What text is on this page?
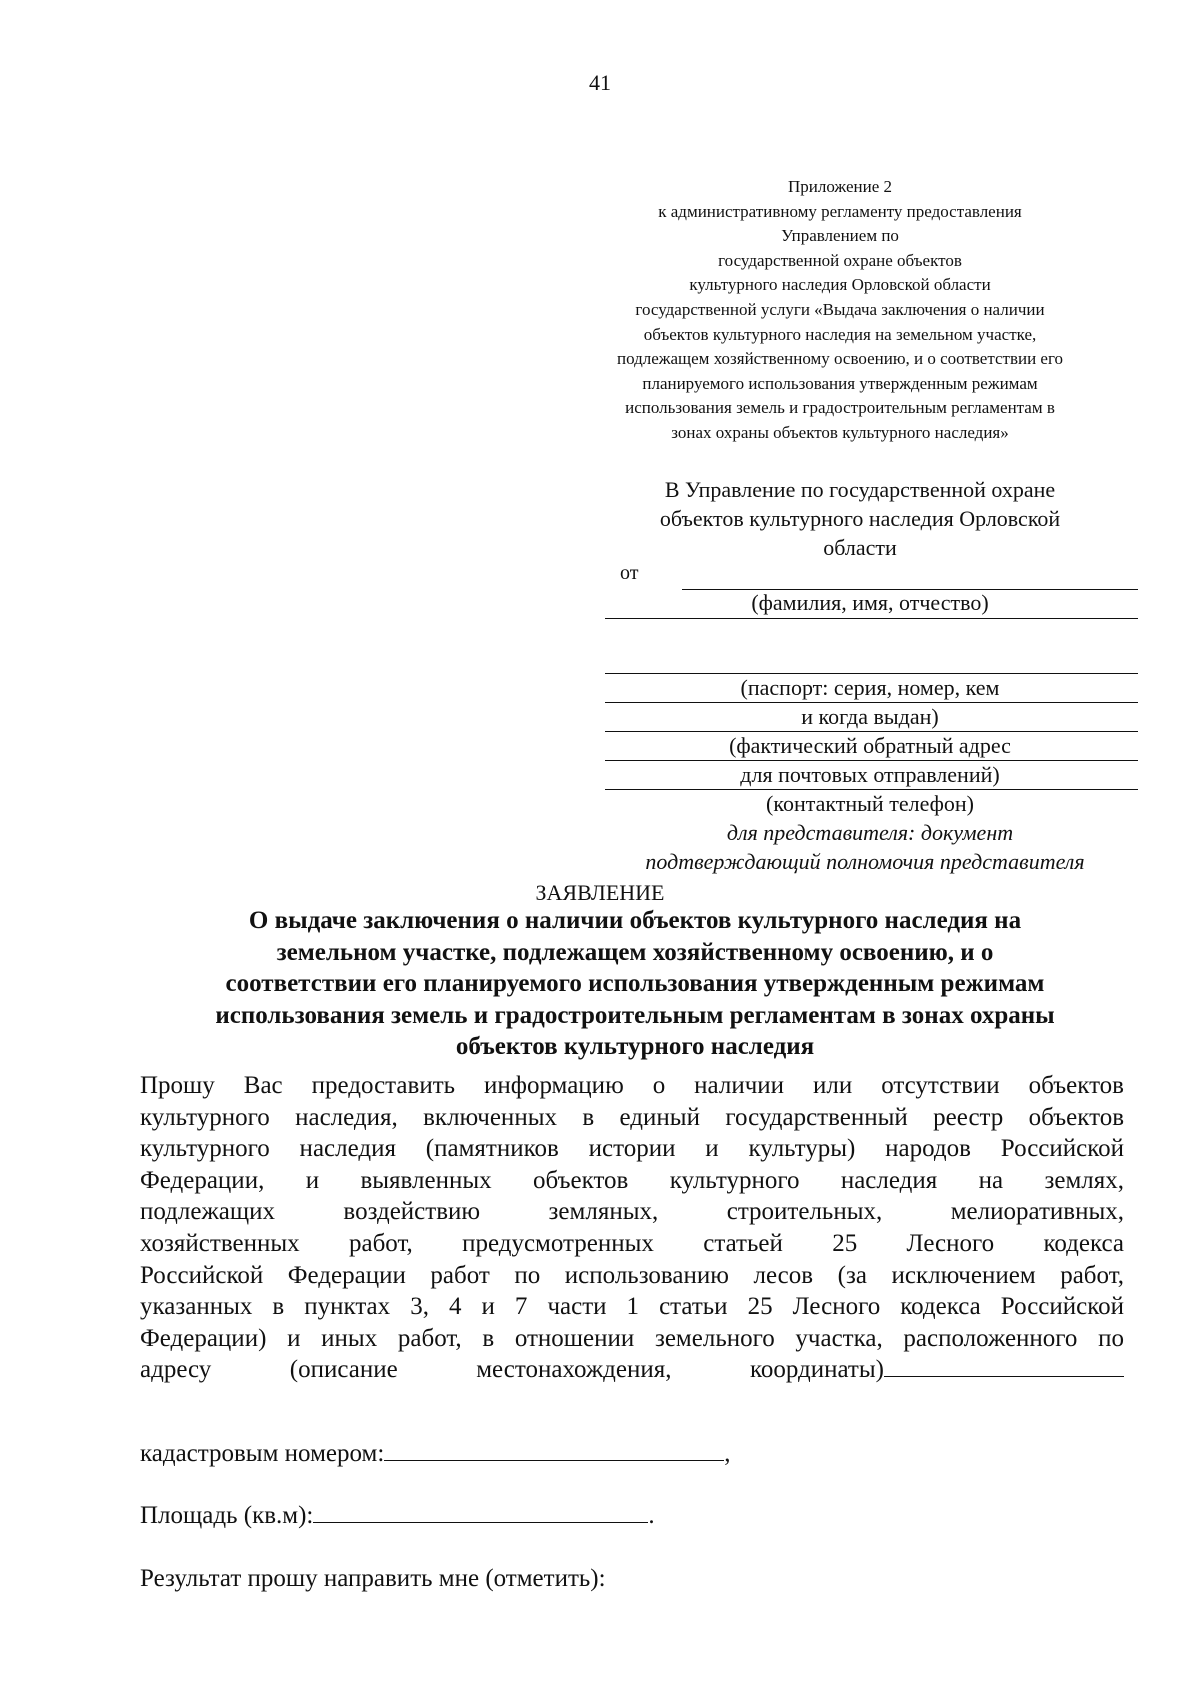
41
Приложение 2
к административному регламенту предоставления
Управлением по
государственной охране объектов
культурного наследия Орловской области
государственной услуги «Выдача заключения о наличии
объектов культурного наследия на земельном участке,
подлежащем хозяйственному освоению, и о соответствии его
планируемого использования утвержденным режимам
использования земель и градостроительным регламентам в
зонах охраны объектов культурного наследия»
В Управление по государственной охране
объектов культурного наследия Орловской
области
от
(фамилия, имя, отчество)
(паспорт: серия, номер, кем
и когда выдан)
(фактический обратный адрес
для почтовых отправлений)
(контактный телефон)
для представителя: документ
подтверждающий полномочия представителя
ЗАЯВЛЕНИЕ
О выдаче заключения о наличии объектов культурного наследия на
земельном участке, подлежащем хозяйственному освоению, и о
соответствии его планируемого использования утвержденным режимам
использования земель и градостроительным регламентам в зонах охраны
объектов культурного наследия
Прошу Вас предоставить информацию о наличии или отсутствии объектов
культурного наследия, включенных в единый государственный реестр объектов
культурного наследия (памятников истории и культуры) народов Российской
Федерации, и выявленных объектов культурного наследия на землях,
подлежащих воздействию земляных, строительных, мелиоративных,
хозяйственных работ, предусмотренных статьей 25 Лесного кодекса
Российской Федерации работ по использованию лесов (за исключением работ,
указанных в пунктах 3, 4 и 7 части 1 статьи 25 Лесного кодекса Российской
Федерации) и иных работ, в отношении земельного участка, расположенного по
адресу	(описание	местонахождения,	координаты)
кадастровым номером:	,
Площадь (кв.м):	.
Результат прошу направить мне (отметить):
